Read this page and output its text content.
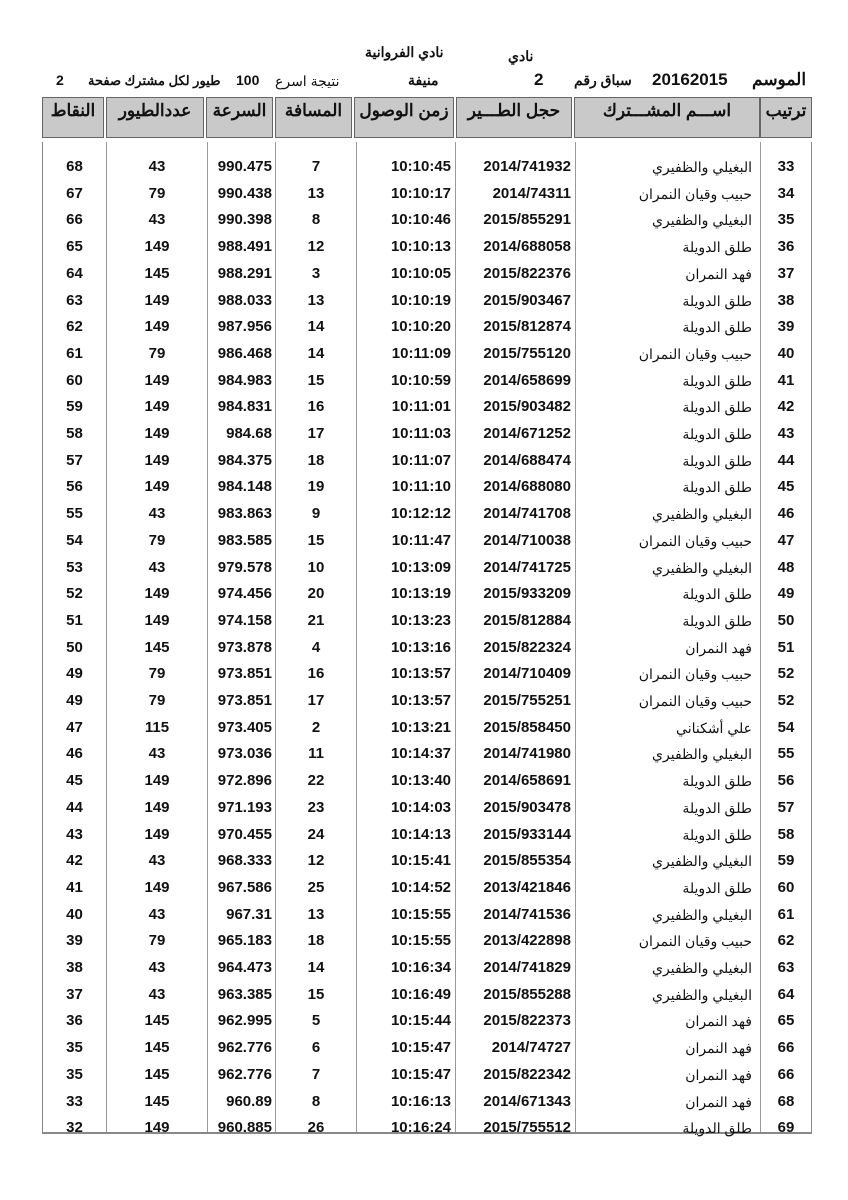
نادي الفروانية	نادي
الموسم
20162015
سباق رقم
2
منيفة
نتيجة اسرع
100
طيور لكل مشترك صفحة
2
ترتيب
اســـم المشـــترك
حجل الطـــير
زمن الوصول
المسافة
السرعة
عددالطيور
النقاط
33
البغيلي والظفيري
2014/741932
10:10:45
7
990.475
43
68
34
حبيب وقيان النمران
2014/74311
10:10:17
13
990.438
79
67
35
البغيلي والظفيري
2015/855291
10:10:46
8
990.398
43
66
36
طلق الدويلة
2014/688058
10:10:13
12
988.491
149
65
37
فهد النمران
2015/822376
10:10:05
3
988.291
145
64
38
طلق الدويلة
2015/903467
10:10:19
13
988.033
149
63
39
طلق الدويلة
2015/812874
10:10:20
14
987.956
149
62
40
حبيب وقيان النمران
2015/755120
10:11:09
14
986.468
79
61
41
طلق الدويلة
2014/658699
10:10:59
15
984.983
149
60
42
طلق الدويلة
2015/903482
10:11:01
16
984.831
149
59
43
طلق الدويلة
2014/671252
10:11:03
17
984.68
149
58
44
طلق الدويلة
2014/688474
10:11:07
18
984.375
149
57
45
طلق الدويلة
2014/688080
10:11:10
19
984.148
149
56
46
البغيلي والظفيري
2014/741708
10:12:12
9
983.863
43
55
47
حبيب وقيان النمران
2014/710038
10:11:47
15
983.585
79
54
48
البغيلي والظفيري
2014/741725
10:13:09
10
979.578
43
53
49
طلق الدويلة
2015/933209
10:13:19
20
974.456
149
52
50
طلق الدويلة
2015/812884
10:13:23
21
974.158
149
51
51
فهد النمران
2015/822324
10:13:16
4
973.878
145
50
52
حبيب وقيان النمران
2014/710409
10:13:57
16
973.851
79
49
52
حبيب وقيان النمران
2015/755251
10:13:57
17
973.851
79
49
54
علي أشكناني
2015/858450
10:13:21
2
973.405
115
47
55
البغيلي والظفيري
2014/741980
10:14:37
11
973.036
43
46
56
طلق الدويلة
2014/658691
10:13:40
22
972.896
149
45
57
طلق الدويلة
2015/903478
10:14:03
23
971.193
149
44
58
طلق الدويلة
2015/933144
10:14:13
24
970.455
149
43
59
البغيلي والظفيري
2015/855354
10:15:41
12
968.333
43
42
60
طلق الدويلة
2013/421846
10:14:52
25
967.586
149
41
61
البغيلي والظفيري
2014/741536
10:15:55
13
967.31
43
40
62
حبيب وقيان النمران
2013/422898
10:15:55
18
965.183
79
39
63
البغيلي والظفيري
2014/741829
10:16:34
14
964.473
43
38
64
البغيلي والظفيري
2015/855288
10:16:49
15
963.385
43
37
65
فهد النمران
2015/822373
10:15:44
5
962.995
145
36
66
فهد النمران
2014/74727
10:15:47
6
962.776
145
35
66
فهد النمران
2015/822342
10:15:47
7
962.776
145
35
68
فهد النمران
2014/671343
10:16:13
8
960.89
145
33
69
طلق الدويلة
2015/755512
10:16:24
26
960.885
149
32
